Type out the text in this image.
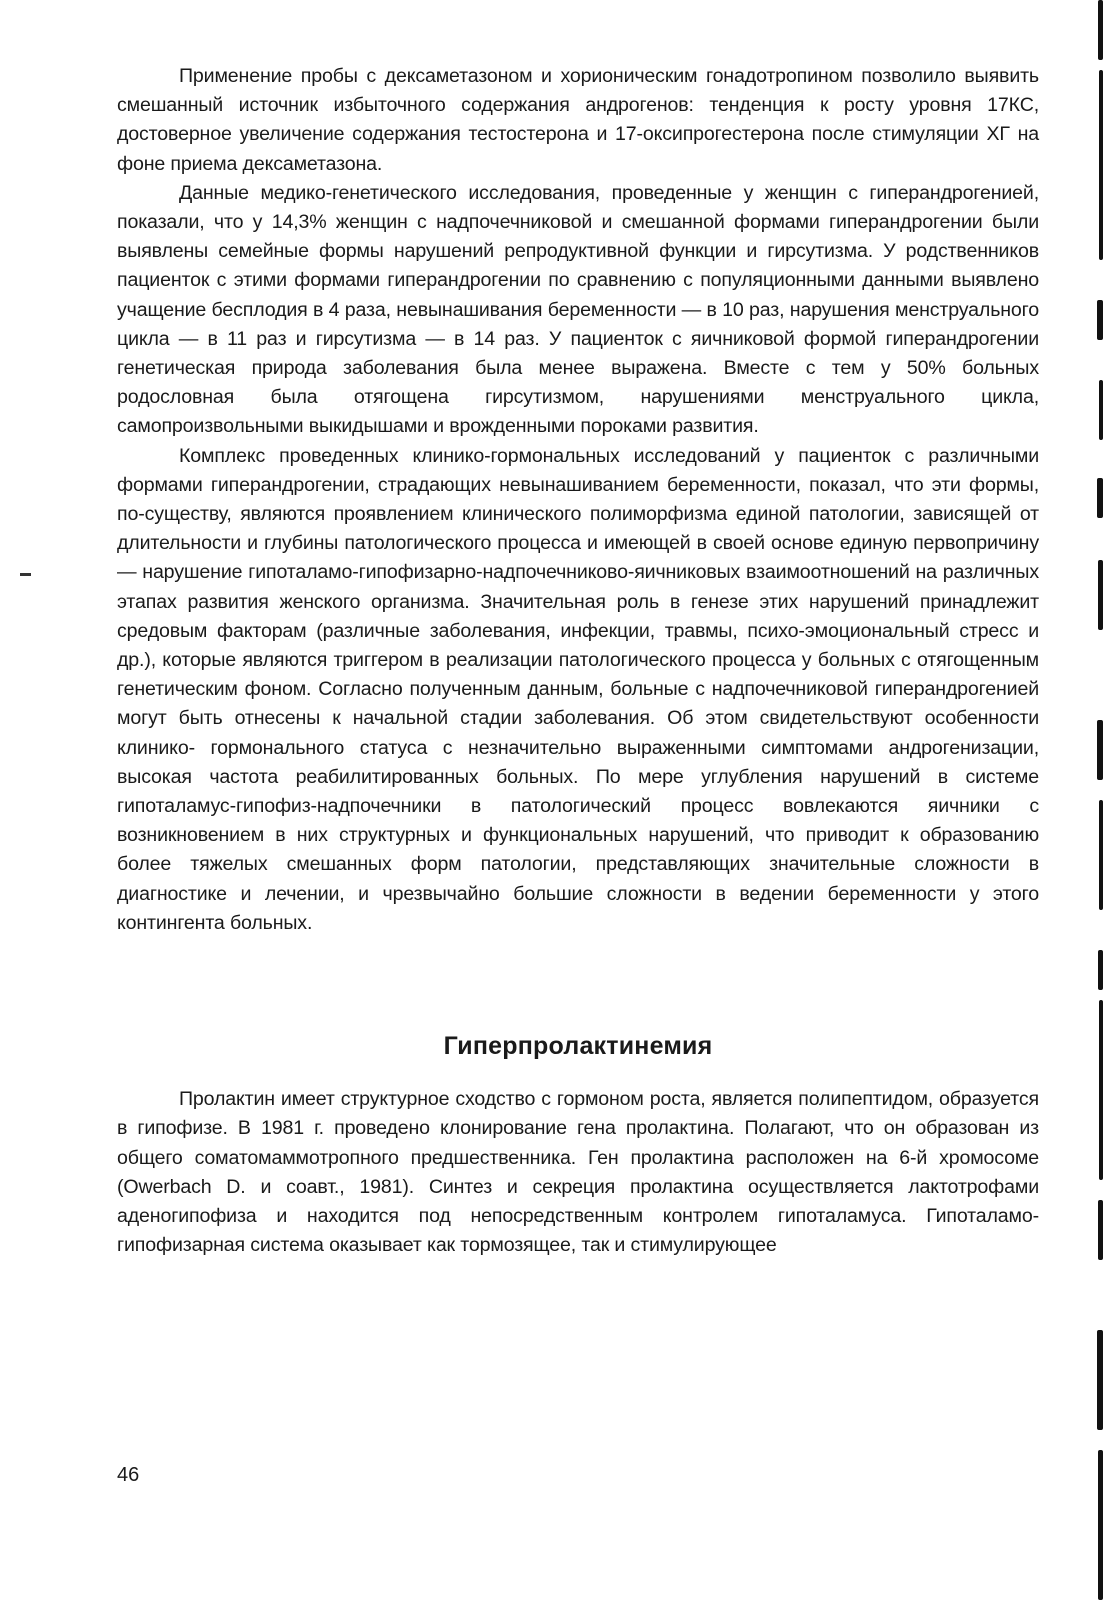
Применение пробы с дексаметазоном и хорионическим гонадотропином позволило выявить смешанный источник избыточного содержания андрогенов: тенденция к росту уровня 17КС, достоверное увеличение содержания тестостерона и 17-оксипрогестерона после стимуляции ХГ на фоне приема дексаметазона.

Данные медико-генетического исследования, проведенные у женщин с гиперандрогенией, показали, что у 14,3% женщин с надпочечниковой и смешанной формами гиперандрогении были выявлены семейные формы нарушений репродуктивной функции и гирсутизма. У родственников пациенток с этими формами гиперандрогении по сравнению с популяционными данными выявлено учащение бесплодия в 4 раза, невынашивания беременности — в 10 раз, нарушения менструального цикла — в 11 раз и гирсутизма — в 14 раз. У пациенток с яичниковой формой гиперандрогении генетическая природа заболевания была менее выражена. Вместе с тем у 50% больных родословная была отягощена гирсутизмом, нарушениями менструального цикла, самопроизвольными выкидышами и врожденными пороками развития.

Комплекс проведенных клинико-гормональных исследований у пациенток с различными формами гиперандрогении, страдающих невынашиванием беременности, показал, что эти формы, по-существу, являются проявлением клинического полиморфизма единой патологии, зависящей от длительности и глубины патологического процесса и имеющей в своей основе единую первопричину — нарушение гипоталамо-гипофизарно-надпочечниково-яичниковых взаимоотношений на различных этапах развития женского организма. Значительная роль в генезе этих нарушений принадлежит средовым факторам (различные заболевания, инфекции, травмы, психо-эмоциональный стресс и др.), которые являются триггером в реализации патологического процесса у больных с отягощенным генетическим фоном. Согласно полученным данным, больные с надпочечниковой гиперандрогенией могут быть отнесены к начальной стадии заболевания. Об этом свидетельствуют особенности клинико- гормонального статуса с незначительно выраженными симптомами андрогенизации, высокая частота реабилитированных больных. По мере углубления нарушений в системе гипоталамус-гипофиз-надпочечники в патологический процесс вовлекаются яичники с возникновением в них структурных и функциональных нарушений, что приводит к образованию более тяжелых смешанных форм патологии, представляющих значительные сложности в диагностике и лечении, и чрезвычайно большие сложности в ведении беременности у этого контингента больных.

Гиперпролактинемия

Пролактин имеет структурное сходство с гормоном роста, является полипептидом, образуется в гипофизе. В 1981 г. проведено клонирование гена пролактина. Полагают, что он образован из общего соматомаммотропного предшественника. Ген пролактина расположен на 6-й хромосоме (Owerbach D. и соавт., 1981). Синтез и секреция пролактина осуществляется лактотрофами аденогипофиза и находится под непосредственным контролем гипоталамуса. Гипоталамо-гипофизарная система оказывает как тормозящее, так и стимулирующее

46
